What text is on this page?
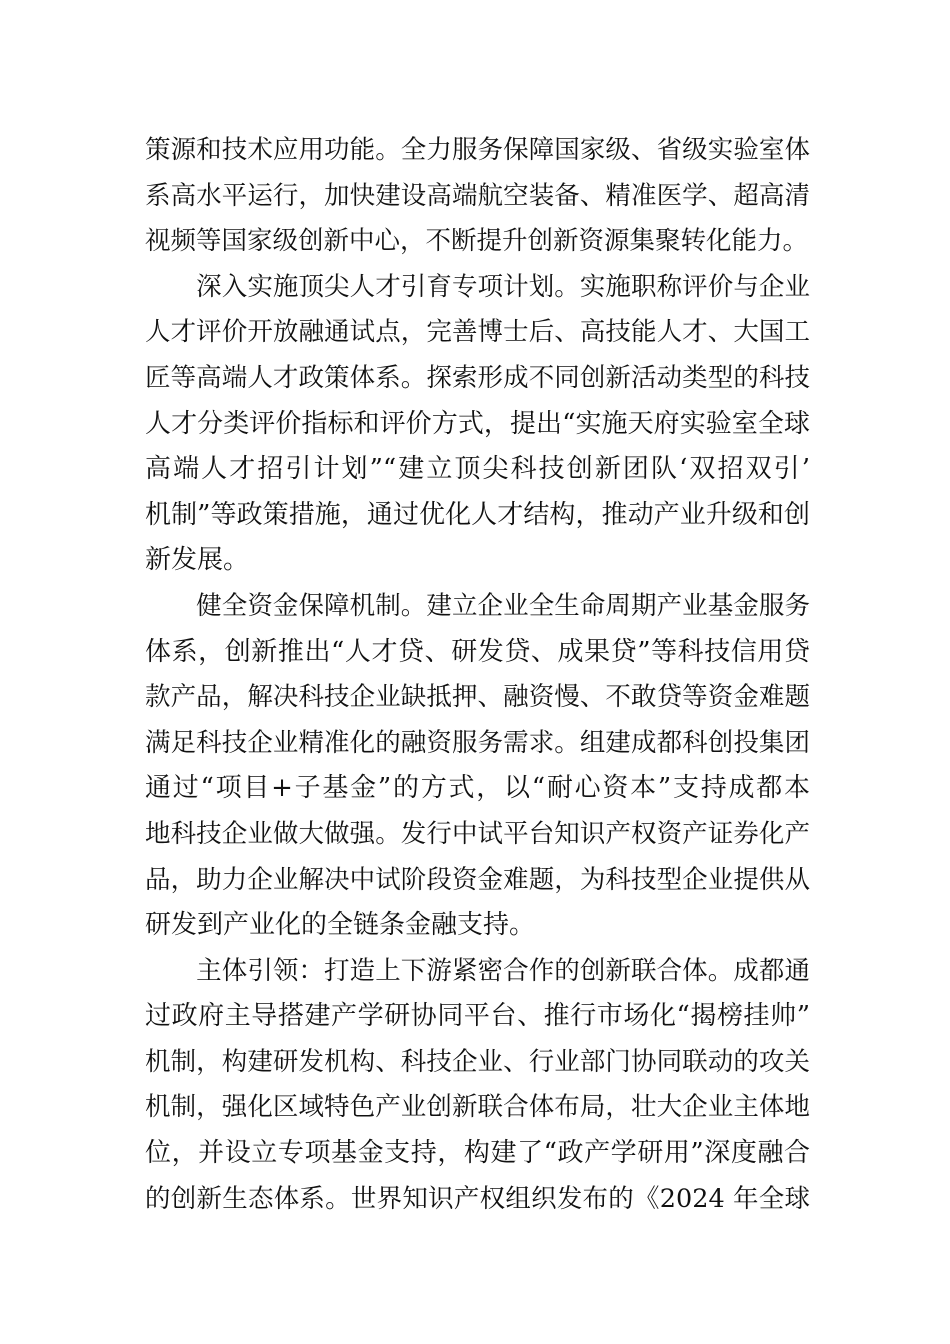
策源和技术应用功能。全力服务保障国家级、省级实验室体
系高水平运行，加快建设高端航空装备、精准医学、超高清
视频等国家级创新中心，不断提升创新资源集聚转化能力。
　　深入实施顶尖人才引育专项计划。实施职称评价与企业
人才评价开放融通试点，完善博士后、高技能人才、大国工
匠等高端人才政策体系。探索形成不同创新活动类型的科技
人才分类评价指标和评价方式，提出“实施天府实验室全球
高端人才招引计划”“建立顶尖科技创新团队‘双招双引’
机制”等政策措施，通过优化人才结构，推动产业升级和创
新发展。
　　健全资金保障机制。建立企业全生命周期产业基金服务
体系，创新推出“人才贷、研发贷、成果贷”等科技信用贷
款产品，解决科技企业缺抵押、融资慢、不敢贷等资金难题
满足科技企业精准化的融资服务需求。组建成都科创投集团
通过“项目+子基金”的方式，以“耐心资本”支持成都本
地科技企业做大做强。发行中试平台知识产权资产证券化产
品，助力企业解决中试阶段资金难题，为科技型企业提供从
研发到产业化的全链条金融支持。
　　主体引领：打造上下游紧密合作的创新联合体。成都通
过政府主导搭建产学研协同平台、推行市场化“揭榜挂帅”
机制，构建研发机构、科技企业、行业部门协同联动的攻关
机制，强化区域特色产业创新联合体布局，壮大企业主体地
位，并设立专项基金支持，构建了“政产学研用”深度融合
的创新生态体系。世界知识产权组织发布的《2024 年全球
